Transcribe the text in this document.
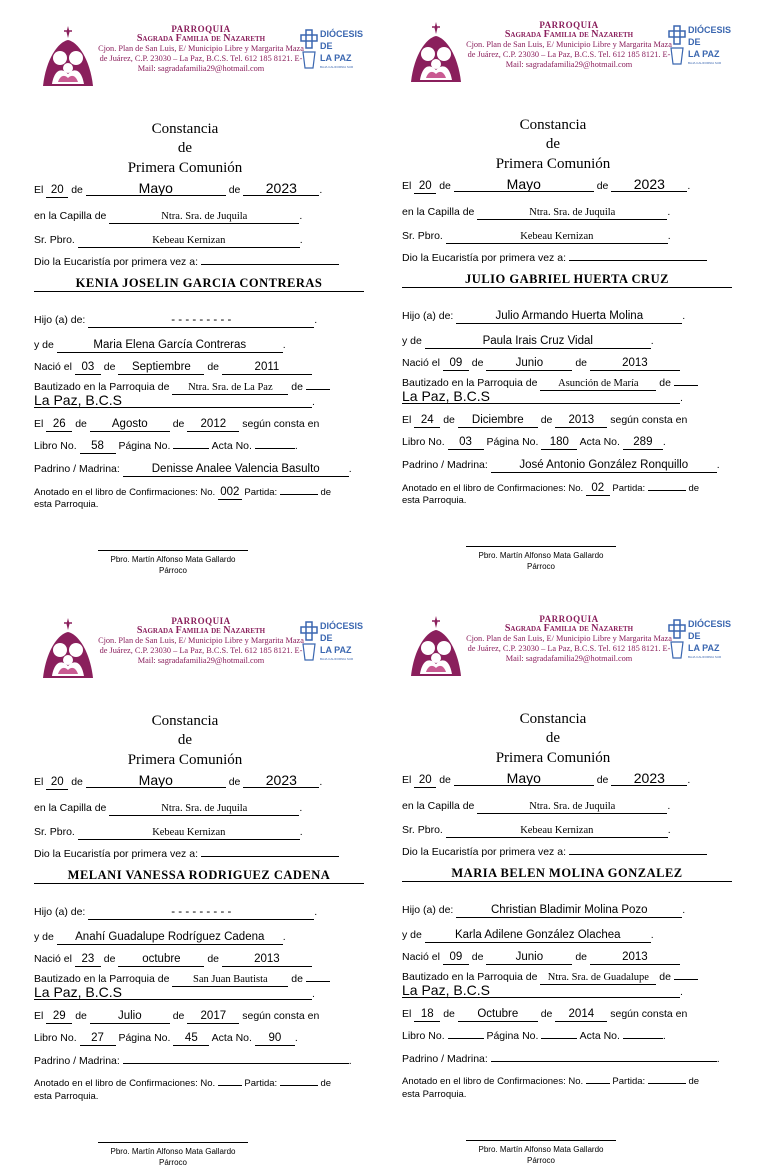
PARROQUIA
Sagrada Familia de Nazareth
Cjon. Plan de San Luis, E/ Municipio Libre y Margarita Maza de Juárez, C.P. 23030 – La Paz, B.C.S. Tel. 612 185 8121. E-Mail: sagradafamilia29@hotmail.com
DIÓCESIS
DE
LA PAZ
BAJA CALIFORNIA SUR
Constancia
de
Primera Comunión
El 20 de	Mayo	de 2023 .
en la Capilla de	Ntra. Sra. de Juquila	.
Sr. Pbro.	Kebeau Kernizan	.
Dio la Eucaristía por primera vez a:
KENIA JOSELIN GARCIA CONTRERAS
Hijo (a) de:	- - - - - - - - -	.
y de	Maria Elena García Contreras	.
Nació el 03 de Septiembre de	2011
Bautizado en la Parroquia de Ntra. Sra. de La Paz de
La Paz, B.C.S	.
El 26 de Agosto de 2012 según consta en
Libro No. 58 Página No.	Acta No.	.
Padrino / Madrina:	Denisse Analee Valencia Basulto	.
Anotado en el libro de Confirmaciones: No. 002 Partida:	de
esta Parroquia.
Pbro. Martín Alfonso Mata Gallardo
Párroco
PARROQUIA
Sagrada Familia de Nazareth
Cjon. Plan de San Luis, E/ Municipio Libre y Margarita Maza de Juárez, C.P. 23030 – La Paz, B.C.S. Tel. 612 185 8121. E-Mail: sagradafamilia29@hotmail.com
DIÓCESIS
DE
LA PAZ
BAJA CALIFORNIA SUR
Constancia
de
Primera Comunión
El 20 de	Mayo	de 2023 .
en la Capilla de	Ntra. Sra. de Juquila	.
Sr. Pbro.	Kebeau Kernizan	.
Dio la Eucaristía por primera vez a:
JULIO GABRIEL HUERTA CRUZ
Hijo (a) de:	Julio Armando Huerta Molina	.
y de	Paula Irais Cruz Vidal	.
Nació el 09 de	Junio	de	2013
Bautizado en la Parroquia de Asunción de María de
La Paz, B.C.S	.
El 24 de Diciembre de 2013 según consta en
Libro No. 03 Página No. 180 Acta No. 289 .
Padrino / Madrina:	José Antonio González Ronquillo	.
Anotado en el libro de Confirmaciones: No. 02 Partida:	de
esta Parroquia.
Pbro. Martín Alfonso Mata Gallardo
Párroco
PARROQUIA
Sagrada Familia de Nazareth
Cjon. Plan de San Luis, E/ Municipio Libre y Margarita Maza de Juárez, C.P. 23030 – La Paz, B.C.S. Tel. 612 185 8121. E-Mail: sagradafamilia29@hotmail.com
DIÓCESIS
DE
LA PAZ
BAJA CALIFORNIA SUR
Constancia
de
Primera Comunión
El 20 de	Mayo	de 2023 .
en la Capilla de	Ntra. Sra. de Juquila	.
Sr. Pbro.	Kebeau Kernizan	.
Dio la Eucaristía por primera vez a:
MELANI VANESSA RODRIGUEZ CADENA
Hijo (a) de:	- - - - - - - - -	.
y de Anahí Guadalupe Rodríguez Cadena .
Nació el 23 de octubre	de	2013
Bautizado en la Parroquia de San Juan Bautista de
La Paz, B.C.S	.
El 29 de	Julio	de 2017 según consta en
Libro No. 27 Página No. 45 Acta No. 90 .
Padrino / Madrina:	.
Anotado en el libro de Confirmaciones: No.	Partida:	de
esta Parroquia.
Pbro. Martín Alfonso Mata Gallardo
Párroco
PARROQUIA
Sagrada Familia de Nazareth
Cjon. Plan de San Luis, E/ Municipio Libre y Margarita Maza de Juárez, C.P. 23030 – La Paz, B.C.S. Tel. 612 185 8121. E-Mail: sagradafamilia29@hotmail.com
DIÓCESIS
DE
LA PAZ
BAJA CALIFORNIA SUR
Constancia
de
Primera Comunión
El 20 de	Mayo	de 2023 .
en la Capilla de	Ntra. Sra. de Juquila	.
Sr. Pbro.	Kebeau Kernizan	.
Dio la Eucaristía por primera vez a:
MARIA BELEN MOLINA GONZALEZ
Hijo (a) de:	Christian Bladimir Molina Pozo	.
y de	Karla Adilene González Olachea	.
Nació el 09 de	Junio	de	2013
Bautizado en la Parroquia de Ntra. Sra. de Guadalupe de
La Paz, B.C.S	.
El 18 de Octubre de 2014 según consta en
Libro No.	Página No.	Acta No.	.
Padrino / Madrina:	.
Anotado en el libro de Confirmaciones: No.	Partida:	de
esta Parroquia.
Pbro. Martín Alfonso Mata Gallardo
Párroco
